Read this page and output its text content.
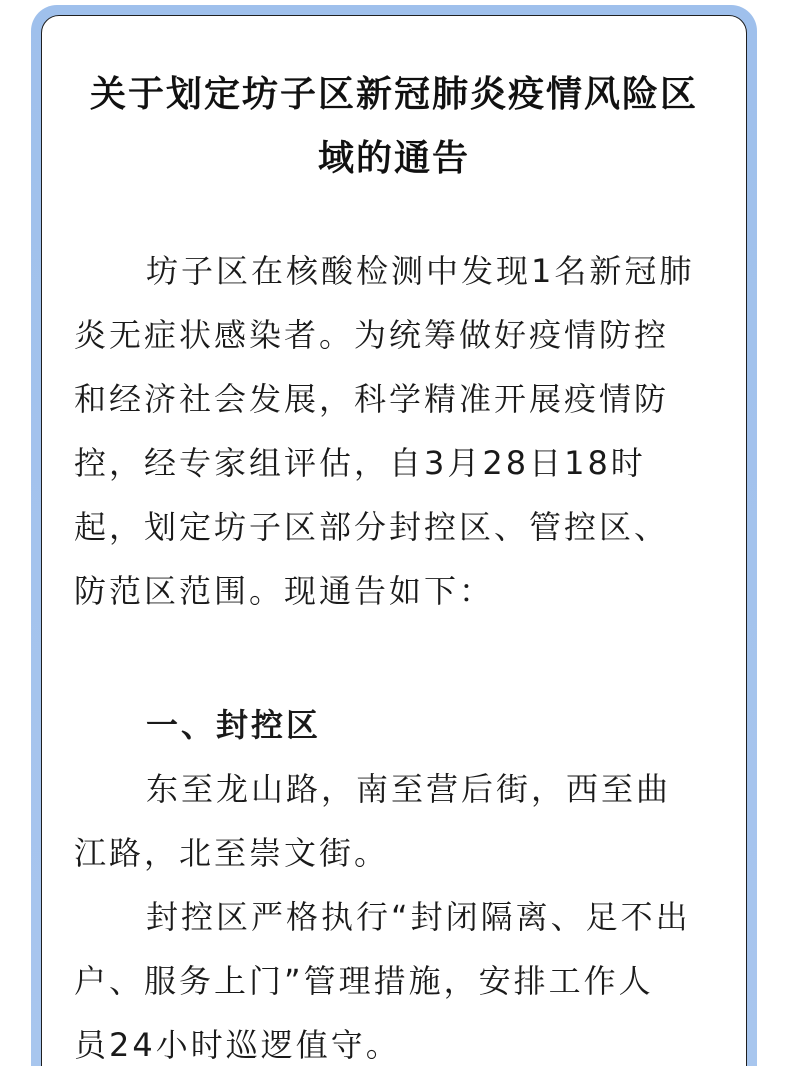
关于划定坊子区新冠肺炎疫情风险区
域的通告
坊子区在核酸检测中发现1名新冠肺
炎无症状感染者。为统筹做好疫情防控
和经济社会发展，科学精准开展疫情防
控，经专家组评估，自3月28日18时
起，划定坊子区部分封控区、管控区、
防范区范围。现通告如下：
一、封控区
东至龙山路，南至营后街，西至曲
江路，北至崇文街。
封控区严格执行“封闭隔离、足不出
户、服务上门”管理措施，安排工作人
员24小时巡逻值守。
